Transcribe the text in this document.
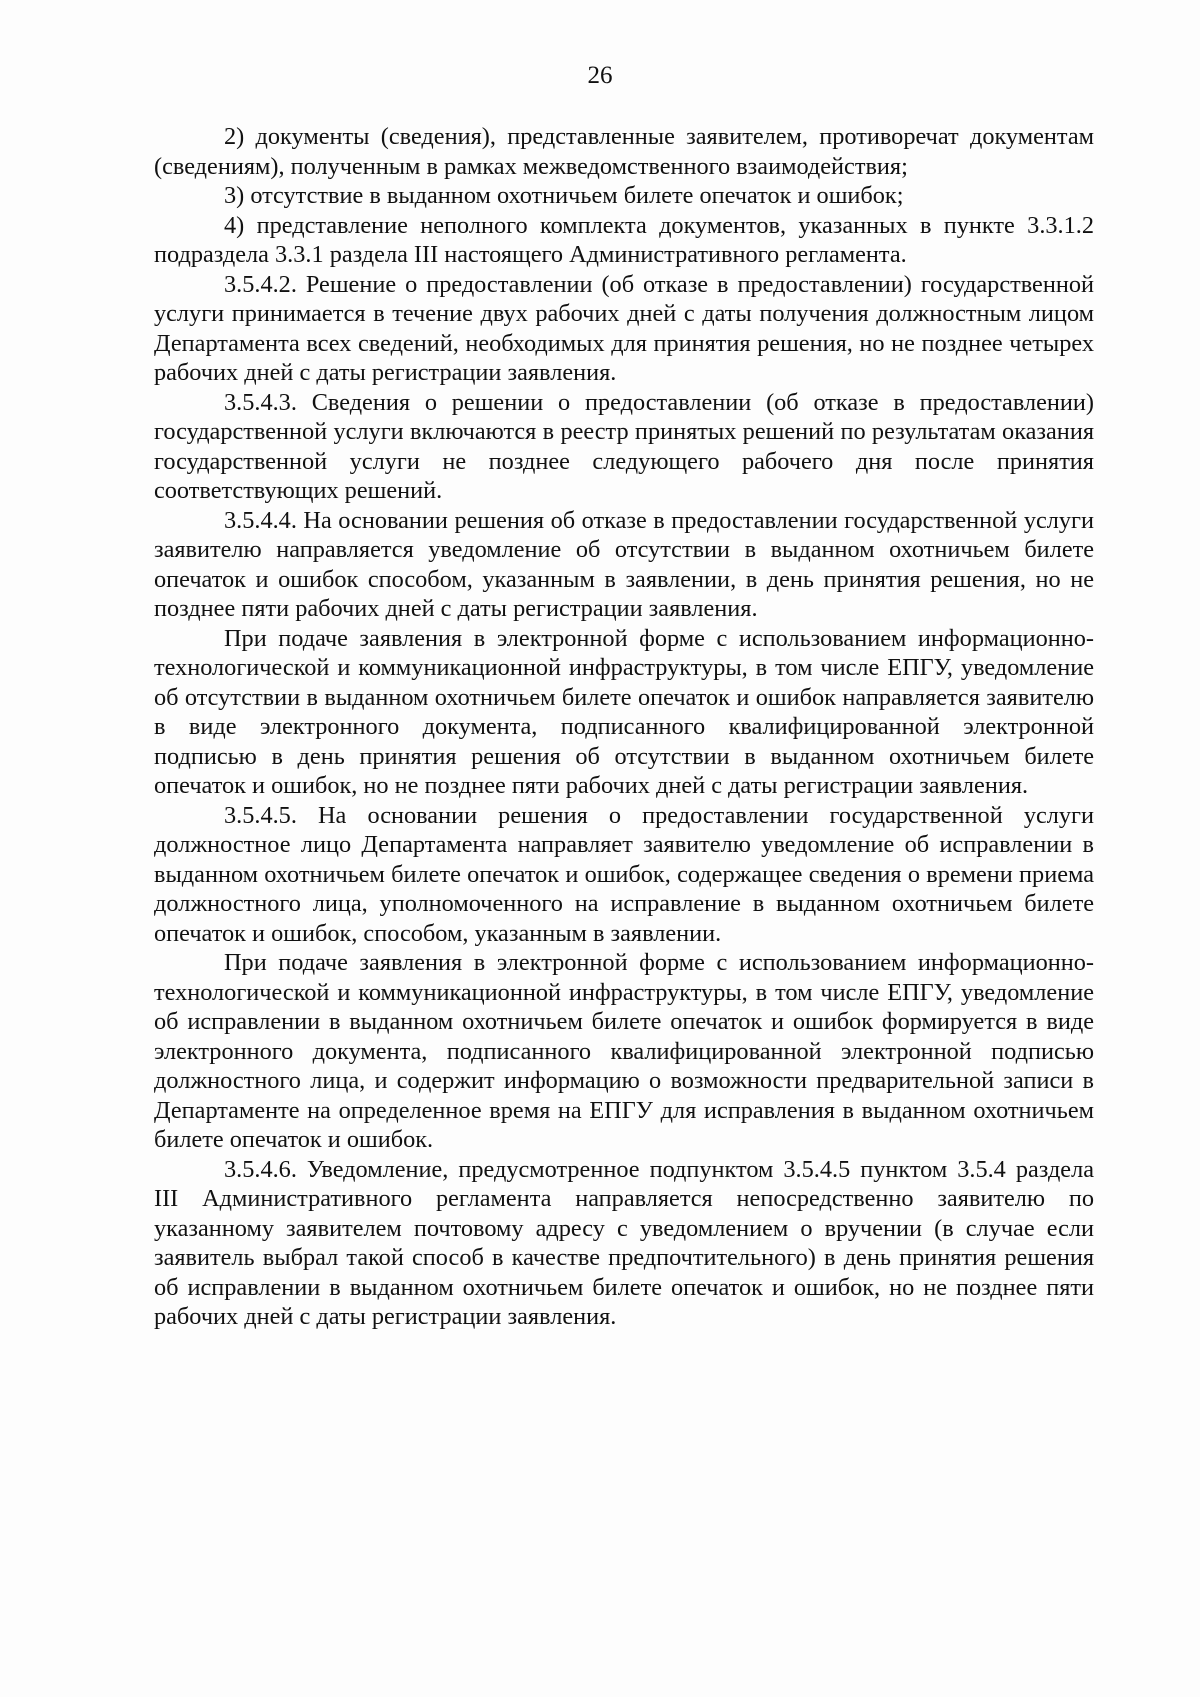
26

2) документы (сведения), представленные заявителем, противоречат документам (сведениям), полученным в рамках межведомственного взаимодействия;

3) отсутствие в выданном охотничьем билете опечаток и ошибок;

4) представление неполного комплекта документов, указанных в пункте 3.3.1.2 подраздела 3.3.1 раздела III настоящего Административного регламента.

3.5.4.2. Решение о предоставлении (об отказе в предоставлении) государственной услуги принимается в течение двух рабочих дней с даты получения должностным лицом Департамента всех сведений, необходимых для принятия решения, но не позднее четырех рабочих дней с даты регистрации заявления.

3.5.4.3. Сведения о решении о предоставлении (об отказе в предоставлении) государственной услуги включаются в реестр принятых решений по результатам оказания государственной услуги не позднее следующего рабочего дня после принятия соответствующих решений.

3.5.4.4. На основании решения об отказе в предоставлении государственной услуги заявителю направляется уведомление об отсутствии в выданном охотничьем билете опечаток и ошибок способом, указанным в заявлении, в день принятия решения, но не позднее пяти рабочих дней с даты регистрации заявления.

При подаче заявления в электронной форме с использованием информационно-технологической и коммуникационной инфраструктуры, в том числе ЕПГУ, уведомление об отсутствии в выданном охотничьем билете опечаток и ошибок направляется заявителю в виде электронного документа, подписанного квалифицированной электронной подписью в день принятия решения об отсутствии в выданном охотничьем билете опечаток и ошибок, но не позднее пяти рабочих дней с даты регистрации заявления.

3.5.4.5. На основании решения о предоставлении государственной услуги должностное лицо Департамента направляет заявителю уведомление об исправлении в выданном охотничьем билете опечаток и ошибок, содержащее сведения о времени приема должностного лица, уполномоченного на исправление в выданном охотничьем билете опечаток и ошибок, способом, указанным в заявлении.

При подаче заявления в электронной форме с использованием информационно-технологической и коммуникационной инфраструктуры, в том числе ЕПГУ, уведомление об исправлении в выданном охотничьем билете опечаток и ошибок формируется в виде электронного документа, подписанного квалифицированной электронной подписью должностного лица, и содержит информацию о возможности предварительной записи в Департаменте на определенное время на ЕПГУ для исправления в выданном охотничьем билете опечаток и ошибок.

3.5.4.6. Уведомление, предусмотренное подпунктом 3.5.4.5 пунктом 3.5.4 раздела III Административного регламента направляется непосредственно заявителю по указанному заявителем почтовому адресу с уведомлением о вручении (в случае если заявитель выбрал такой способ в качестве предпочтительного) в день принятия решения об исправлении в выданном охотничьем билете опечаток и ошибок, но не позднее пяти рабочих дней с даты регистрации заявления.
